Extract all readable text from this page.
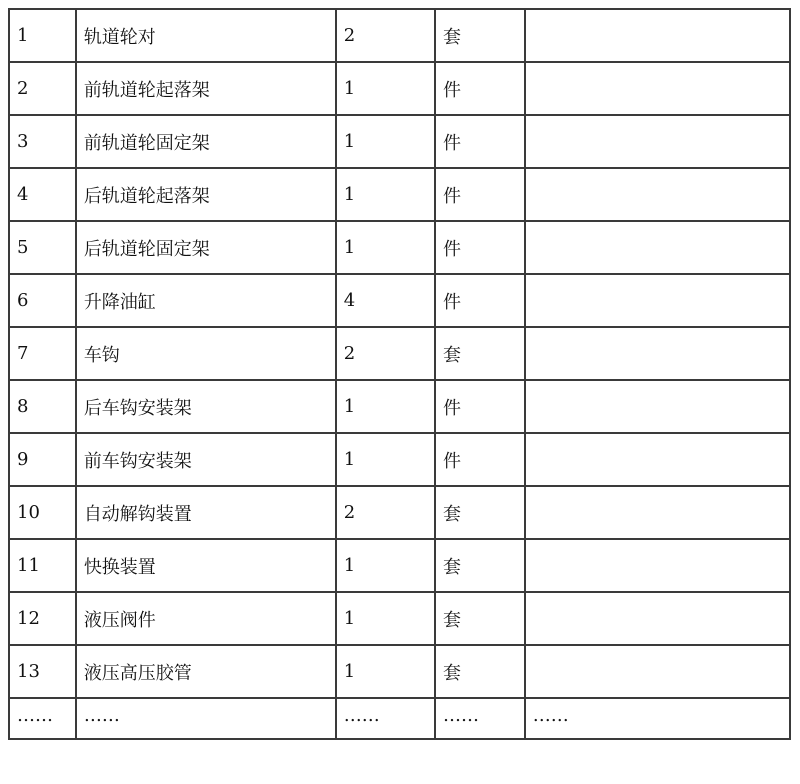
1	轨道轮对	2	套	
2	前轨道轮起落架	1	件	
3	前轨道轮固定架	1	件	
4	后轨道轮起落架	1	件	
5	后轨道轮固定架	1	件	
6	升降油缸	4	件	
7	车钩	2	套	
8	后车钩安装架	1	件	
9	前车钩安装架	1	件	
10	自动解钩装置	2	套	
11	快换装置	1	套	
12	液压阀件	1	套	
13	液压高压胶管	1	套	
……	……	……	……	……
